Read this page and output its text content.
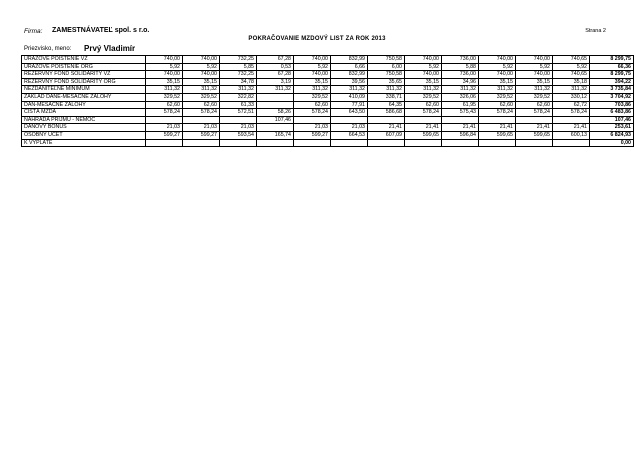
Firma: ZAMESTNÁVATEĽ spol. s r.o.	Strana 2
POKRAČOVANIE MZDOVÝ LIST ZA ROK 2013
Priezvisko, meno: Prvý Vladimír
URAZOVÉ POISTENIE VZ	740,00	740,00	732,25	67,28	740,00	832,99	750,58	740,00	736,00	740,00	740,00	740,65	8 299,75
URAZOVÉ POISTENIE ORG	5,92	5,92	5,85	0,53	5,92	6,66	6,00	5,92	5,88	5,92	5,92	5,92	66,36
REZERVNÝ FOND SOLIDARITY VZ	740,00	740,00	732,25	67,28	740,00	832,99	750,58	740,00	736,00	740,00	740,00	740,65	8 299,75
REZERVNÝ FOND SOLIDARITY ORG	35,15	35,15	34,78	3,19	35,15	39,56	35,65	35,15	34,96	35,15	35,15	35,18	394,22
NEZDANITEĽNÉ MINIMUM	311,32	311,32	311,32	311,32	311,32	311,32	311,32	311,32	311,32	311,32	311,32	311,32	3 735,84
ZÁKLAD DANE-MESAČNÉ ZÁLOHY	329,52	329,52	322,82		329,52	410,09	338,71	329,52	326,06	329,52	329,52	330,12	3 704,92
DAŇ-MESAČNÉ ZÁLOHY	62,60	62,60	61,33		62,60	77,91	64,35	62,60	61,95	62,60	62,60	62,72	703,86
ČISTÁ MZDA	578,24	578,24	572,51	58,26	578,24	643,50	586,68	578,24	575,43	578,24	578,24	578,24	6 483,86
NÁHRADA PRÍJMU - NEMOC				107,46									107,46
DAŇOVÝ BONUS	21,03	21,03	21,03		21,03	21,03	21,41	21,41	21,41	21,41	21,41	21,41	253,61
OSOBNÝ ÚČET	599,27	599,27	593,54	165,74	599,27	664,53	607,09	599,65	596,84	599,65	599,65	600,13	6 824,93
K VÝPLATE													0,00
